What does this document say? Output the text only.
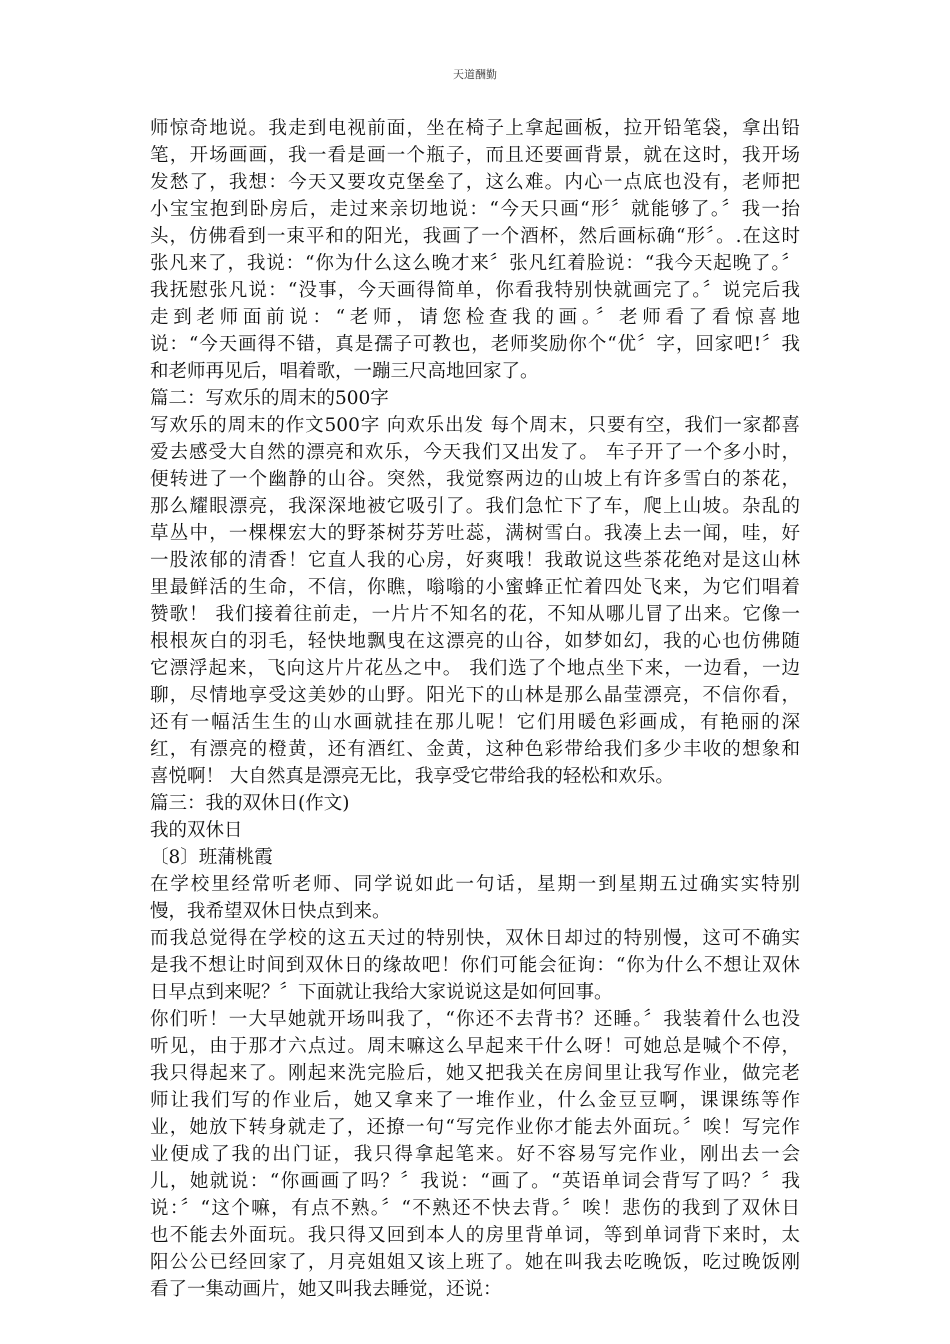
天道酬勤
师惊奇地说。我走到电视前面，坐在椅子上拿起画板，拉开铅笔袋，拿出铅
笔，开场画画，我一看是画一个瓶子，而且还要画背景，就在这时，我开场
发愁了，我想：今天又要攻克堡垒了，这么难。内心一点底也没有，老师把
小宝宝抱到卧房后，走过来亲切地说：“今天只画“形〞就能够了。〞我一抬
头，仿佛看到一束平和的阳光，我画了一个酒杯，然后画标确“形〞。.在这时
张凡来了，我说：“你为什么这么晚才来〞张凡红着脸说：“我今天起晚了。〞
我抚慰张凡说：“没事，今天画得简单，你看我特别快就画完了。〞说完后我
走到老师面前说：“老师，请您检查我的画。〞老师看了看惊喜地
说：“今天画得不错，真是孺子可教也，老师奖励你个“优〞字，回家吧!〞我
和老师再见后，唱着歌，一蹦三尺高地回家了。
篇二：写欢乐的周末的500字
写欢乐的周末的作文500字 向欢乐出发 每个周末，只要有空，我们一家都喜
爱去感受大自然的漂亮和欢乐，今天我们又出发了。 车子开了一个多小时，
便转进了一个幽静的山谷。突然，我觉察两边的山坡上有许多雪白的茶花，
那么耀眼漂亮，我深深地被它吸引了。我们急忙下了车，爬上山坡。杂乱的
草丛中，一棵棵宏大的野茶树芬芳吐蕊，满树雪白。我凑上去一闻，哇，好
一股浓郁的清香！它直人我的心房，好爽哦！我敢说这些茶花绝对是这山林
里最鲜活的生命，不信，你瞧，嗡嗡的小蜜蜂正忙着四处飞来，为它们唱着
赞歌！ 我们接着往前走，一片片不知名的花，不知从哪儿冒了出来。它像一
根根灰白的羽毛，轻快地飘曳在这漂亮的山谷，如梦如幻，我的心也仿佛随
它漂浮起来，飞向这片片花丛之中。 我们选了个地点坐下来，一边看，一边
聊，尽情地享受这美妙的山野。阳光下的山林是那么晶莹漂亮，不信你看，
还有一幅活生生的山水画就挂在那儿呢！它们用暖色彩画成，有艳丽的深
红，有漂亮的橙黄，还有酒红、金黄，这种色彩带给我们多少丰收的想象和
喜悦啊！ 大自然真是漂亮无比，我享受它带给我的轻松和欢乐。
篇三：我的双休日(作文)
我的双休日
〔8〕班蒲桃霞
在学校里经常听老师、同学说如此一句话，星期一到星期五过确实实特别
慢，我希望双休日快点到来。
而我总觉得在学校的这五天过的特别快，双休日却过的特别慢，这可不确实
是我不想让时间到双休日的缘故吧！你们可能会征询：“你为什么不想让双休
日早点到来呢？〞下面就让我给大家说说这是如何回事。
你们听！一大早她就开场叫我了，“你还不去背书？还睡。〞我装着什么也没
听见，由于那才六点过。周末嘛这么早起来干什么呀！可她总是喊个不停，
我只得起来了。刚起来洗完脸后，她又把我关在房间里让我写作业，做完老
师让我们写的作业后，她又拿来了一堆作业，什么金豆豆啊，课课练等作
业，她放下转身就走了，还撩一句“写完作业你才能去外面玩。〞唉！写完作
业便成了我的出门证，我只得拿起笔来。好不容易写完作业，刚出去一会
儿，她就说：“你画画了吗？〞我说：“画了。“英语单词会背写了吗？〞我
说：〞“这个嘛，有点不熟。〞“不熟还不快去背。〞唉！悲伤的我到了双休日
也不能去外面玩。我只得又回到本人的房里背单词，等到单词背下来时，太
阳公公已经回家了，月亮姐姐又该上班了。她在叫我去吃晚饭，吃过晚饭刚
看了一集动画片，她又叫我去睡觉，还说：
